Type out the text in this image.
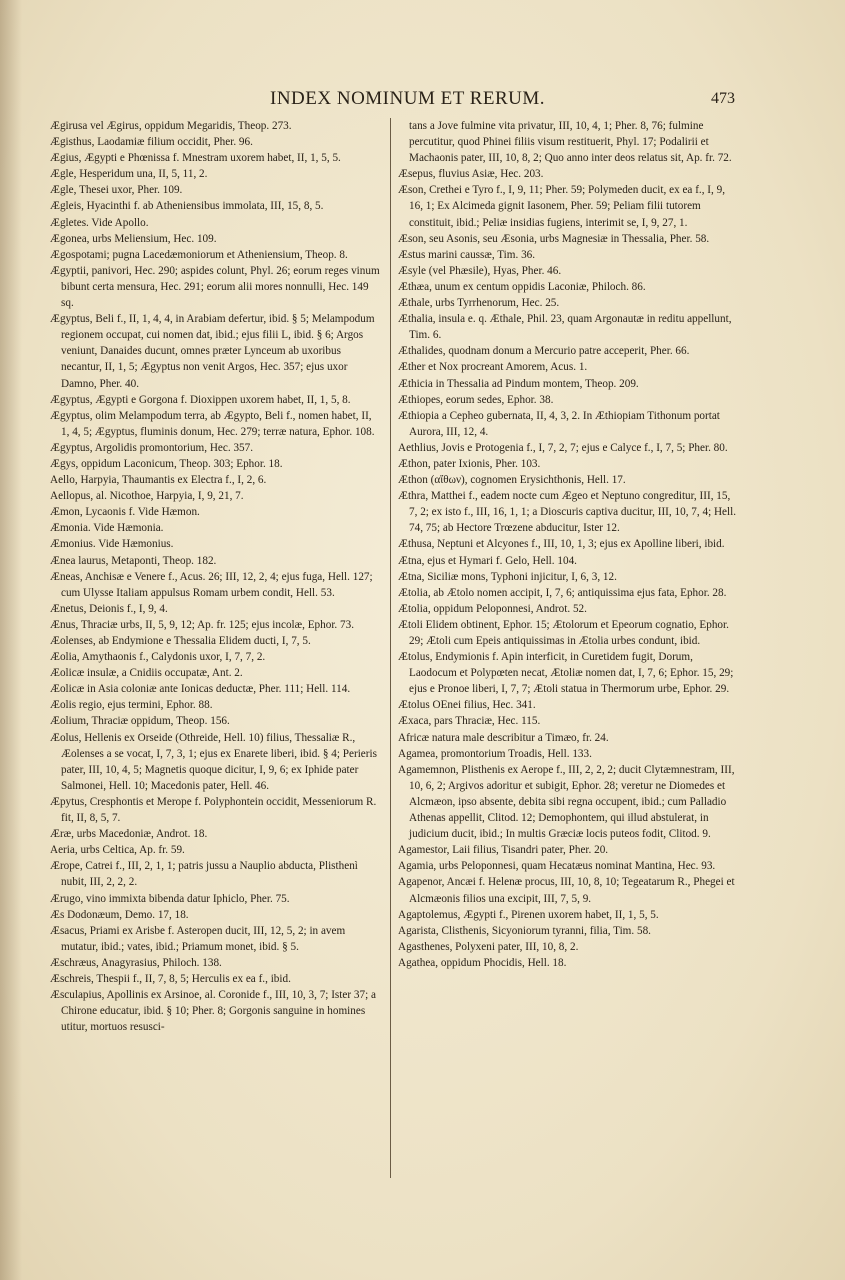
INDEX NOMINUM ET RERUM.	473

Ægirusa vel Ægirus, oppidum Megaridis, Theop. 273.

Ægisthus, Laodamiæ filium occidit, Pher. 96.

Ægius, Ægypti e Phœnissa f. Mnestram uxorem habet, II, 1, 5, 5.

Ægle, Hesperidum una, II, 5, 11, 2.

Ægle, Thesei uxor, Pher. 109.

Ægleis, Hyacinthi f. ab Atheniensibus immolata, III, 15, 8, 5.

Ægletes. Vide Apollo.

Ægonea, urbs Meliensium, Hec. 109.

Ægospotami; pugna Lacedæmoniorum et Atheniensium, Theop. 8.

Ægyptii, panivori, Hec. 290; aspides colunt, Phyl. 26; eorum reges vinum bibunt certa mensura, Hec. 291; eorum alii mores nonnulli, Hec. 149 sq.

Ægyptus, Beli f., II, 1, 4, 4, in Arabiam defertur, ibid. § 5; Melampodum regionem occupat, cui nomen dat, ibid.; ejus filii L, ibid. § 6; Argos veniunt, Danaides ducunt, omnes præter Lynceum ab uxoribus necantur, II, 1, 5; Ægyptus non venit Argos, Hec. 357; ejus uxor Damno, Pher. 40.

Ægyptus, Ægypti e Gorgona f. Dioxippen uxorem habet, II, 1, 5, 8.

Ægyptus, olim Melampodum terra, ab Ægypto, Beli f., nomen habet, II, 1, 4, 5; Ægyptus, fluminis donum, Hec. 279; terræ natura, Ephor. 108.

Ægyptus, Argolidis promontorium, Hec. 357.

Ægys, oppidum Laconicum, Theop. 303; Ephor. 18.

Aello, Harpyia, Thaumantis ex Electra f., I, 2, 6.

Aellopus, al. Nicothoe, Harpyia, I, 9, 21, 7.

Æmon, Lycaonis f. Vide Hæmon.

Æmonia. Vide Hæmonia.

Æmonius. Vide Hæmonius.

Ænea laurus, Metaponti, Theop. 182.

Æneas, Anchisæ e Venere f., Acus. 26; III, 12, 2, 4; ejus fuga, Hell. 127; cum Ulysse Italiam appulsus Romam urbem condit, Hell. 53.

Ænetus, Deionis f., I, 9, 4.

Ænus, Thraciæ urbs, II, 5, 9, 12; Ap. fr. 125; ejus incolæ, Ephor. 73.

Æolenses, ab Endymione e Thessalia Elidem ducti, I, 7, 5.

Æolia, Amythaonis f., Calydonis uxor, I, 7, 7, 2.

Æolicæ insulæ, a Cnidiis occupatæ, Ant. 2.

Æolicæ in Asia coloniæ ante Ionicas deductæ, Pher. 111; Hell. 114.

Æolis regio, ejus termini, Ephor. 88.

Æolium, Thraciæ oppidum, Theop. 156.

Æolus, Hellenis ex Orseide (Othreide, Hell. 10) filius, Thessaliæ R., Æolenses a se vocat, I, 7, 3, 1; ejus ex Enarete liberi, ibid. § 4; Perieris pater, III, 10, 4, 5; Magnetis quoque dicitur, I, 9, 6; ex Iphide pater Salmonei, Hell. 10; Macedonis pater, Hell. 46.

Æpytus, Cresphontis et Merope f. Polyphontein occidit, Messeniorum R. fit, II, 8, 5, 7.

Æræ, urbs Macedoniæ, Androt. 18.

Aeria, urbs Celtica, Ap. fr. 59.

Ærope, Catrei f., III, 2, 1, 1; patris jussu a Nauplio abducta, Plisthenì nubit, III, 2, 2, 2.

Ærugo, vino immixta bibenda datur Iphiclo, Pher. 75.

Æs Dodonæum, Demo. 17, 18.

Æsacus, Priami ex Arisbe f. Asteropen ducit, III, 12, 5, 2; in avem mutatur, ibid.; vates, ibid.; Priamum monet, ibid. § 5.

Æschræus, Anagyrasius, Philoch. 138.

Æschreis, Thespii f., II, 7, 8, 5; Herculis ex ea f., ibid.

Æsculapius, Apollinis ex Arsinoe, al. Coronide f., III, 10, 3, 7; Ister 37; a Chirone educatur, ibid. § 10; Pher. 8; Gorgonis sanguine in homines utitur, mortuos resusci-

tans a Jove fulmine vita privatur, III, 10, 4, 1; Pher. 8, 76; fulmine percutitur, quod Phinei filiis visum restituerit, Phyl. 17; Podalirii et Machaonis pater, III, 10, 8, 2; Quo anno inter deos relatus sit, Ap. fr. 72.

Æsepus, fluvius Asiæ, Hec. 203.

Æson, Crethei e Tyro f., I, 9, 11; Pher. 59; Polymeden ducit, ex ea f., I, 9, 16, 1; Ex Alcimeda gignit Iasonem, Pher. 59; Peliam filii tutorem constituit, ibid.; Peliæ insidias fugiens, interimit se, I, 9, 27, 1.

Æson, seu Asonis, seu Æsonia, urbs Magnesiæ in Thessalia, Pher. 58.

Æstus marini caussæ, Tim. 36.

Æsyle (vel Phæsile), Hyas, Pher. 46.

Æthæa, unum ex centum oppidis Laconiæ, Philoch. 86.

Æthale, urbs Tyrrhenorum, Hec. 25.

Æthalia, insula e. q. Æthale, Phil. 23, quam Argonautæ in reditu appellunt, Tim. 6.

Æthalides, quodnam donum a Mercurio patre acceperit, Pher. 66.

Æther et Nox procreant Amorem, Acus. 1.

Æthicia in Thessalia ad Pindum montem, Theop. 209.

Æthiopes, eorum sedes, Ephor. 38.

Æthiopia a Cepheo gubernata, II, 4, 3, 2. In Æthiopiam Tithonum portat Aurora, III, 12, 4.

Aethlius, Jovis e Protogenia f., I, 7, 2, 7; ejus e Calyce f., I, 7, 5; Pher. 80.

Æthon, pater Ixionis, Pher. 103.

Æthon (αἴθων), cognomen Erysichthonis, Hell. 17.

Æthra, Matthei f., eadem nocte cum Ægeo et Neptuno congreditur, III, 15, 7, 2; ex isto f., III, 16, 1, 1; a Dioscuris captiva ducitur, III, 10, 7, 4; Hell. 74, 75; ab Hectore Trœzene abducitur, Ister 12.

Æthusa, Neptuni et Alcyones f., III, 10, 1, 3; ejus ex Apolline liberi, ibid.

Ætna, ejus et Hymari f. Gelo, Hell. 104.

Ætna, Siciliæ mons, Typhoni injicitur, I, 6, 3, 12.

Ætolia, ab Ætolo nomen accipit, I, 7, 6; antiquissima ejus fata, Ephor. 28.

Ætolia, oppidum Peloponnesi, Androt. 52.

Ætoli Elidem obtinent, Ephor. 15; Ætolorum et Epeorum cognatio, Ephor. 29; Ætoli cum Epeis antiquissimas in Ætolia urbes condunt, ibid.

Ætolus, Endymionis f. Apin interficit, in Curetidem fugit, Dorum, Laodocum et Polypœten necat, Ætoliæ nomen dat, I, 7, 6; Ephor. 15, 29; ejus e Pronoe liberi, I, 7, 7; Ætoli statua in Thermorum urbe, Ephor. 29.

Ætolus OEnei filius, Hec. 341.

Æxaca, pars Thraciæ, Hec. 115.

Africæ natura male describitur a Timæo, fr. 24.

Agamea, promontorium Troadis, Hell. 133.

Agamemnon, Plisthenis ex Aerope f., III, 2, 2, 2; ducit Clytæmnestram, III, 10, 6, 2; Argivos adoritur et subigit, Ephor. 28; veretur ne Diomedes et Alcmæon, ipso absente, debita sibi regna occupent, ibid.; cum Palladio Athenas appellit, Clitod. 12; Demophontem, qui illud abstulerat, in judicium ducit, ibid.; In multis Græciæ locis puteos fodit, Clitod. 9.

Agamestor, Laii filius, Tisandri pater, Pher. 20.

Agamia, urbs Peloponnesi, quam Hecatæus nominat Mantina, Hec. 93.

Agapenor, Ancæi f. Helenæ procus, III, 10, 8, 10; Tegeatarum R., Phegei et Alcmæonis filios una excipit, III, 7, 5, 9.

Agaptolemus, Ægypti f., Pirenen uxorem habet, II, 1, 5, 5.

Agarista, Clisthenis, Sicyoniorum tyranni, filia, Tim. 58.

Agasthenes, Polyxeni pater, III, 10, 8, 2.

Agathea, oppidum Phocidis, Hell. 18.
